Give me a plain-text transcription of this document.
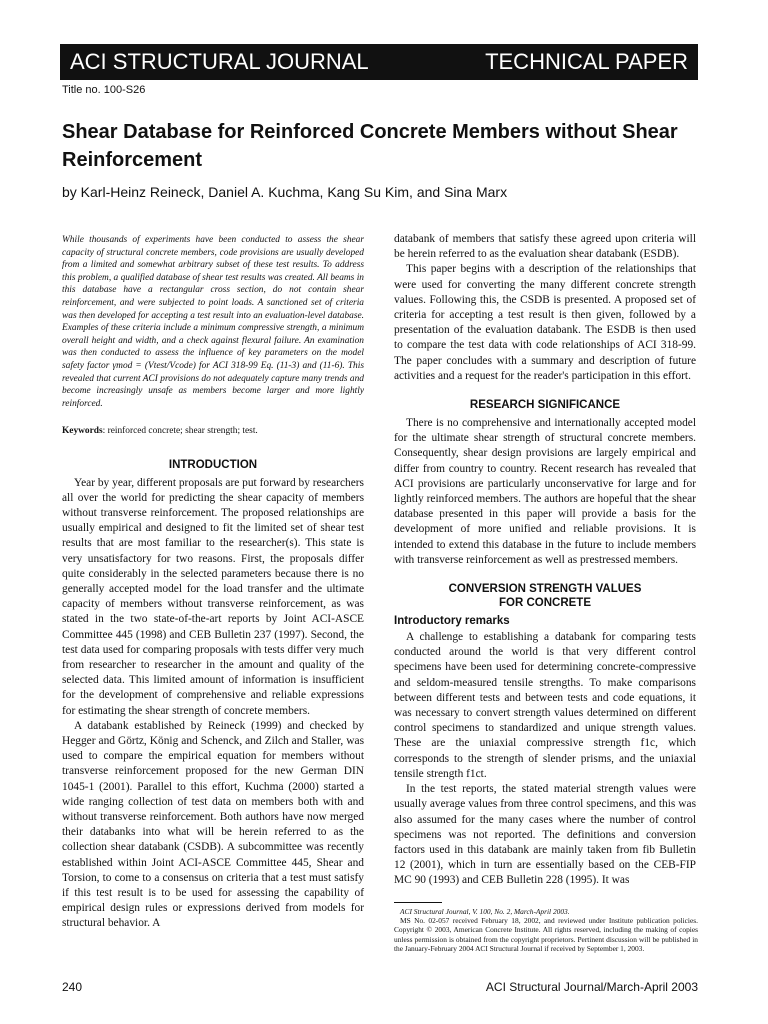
ACI STRUCTURAL JOURNAL	TECHNICAL PAPER
Title no. 100-S26
Shear Database for Reinforced Concrete Members without Shear Reinforcement
by Karl-Heinz Reineck, Daniel A. Kuchma, Kang Su Kim, and Sina Marx

While thousands of experiments have been conducted to assess the shear capacity of structural concrete members, code provisions are usually developed from a limited and somewhat arbitrary subset of these test results. To address this problem, a qualified database of shear test results was created. All beams in this database have a rectangular cross section, do not contain shear reinforcement, and were subjected to point loads. A sanctioned set of criteria was then developed for accepting a test result into an evaluation-level database. Examples of these criteria include a minimum compressive strength, a minimum overall height and width, and a check against flexural failure. An examination was then conducted to assess the influence of key parameters on the model safety factor γmod = (Vtest/Vcode) for ACI 318-99 Eq. (11-3) and (11-6). This revealed that current ACI provisions do not adequately capture many trends and become increasingly unsafe as members become larger and more lightly reinforced.

Keywords: reinforced concrete; shear strength; test.
INTRODUCTION

Year by year, different proposals are put forward by researchers all over the world for predicting the shear capacity of members without transverse reinforcement. The proposed relationships are usually empirical and designed to fit the limited set of shear test results that are most familiar to the researcher(s). This state is very unsatisfactory for two reasons. First, the proposals differ quite considerably in the selected parameters because there is no generally accepted model for the load transfer and the ultimate capacity of members without transverse reinforcement, as was stated in the two state-of-the-art reports by Joint ACI-ASCE Committee 445 (1998) and CEB Bulletin 237 (1997). Second, the test data used for comparing proposals with tests differ very much from researcher to researcher in the amount and quality of the selected data. This limited amount of information is insufficient for the development of comprehensive and reliable expressions for estimating the shear strength of concrete members.

A databank established by Reineck (1999) and checked by Hegger and Görtz, König and Schenck, and Zilch and Staller, was used to compare the empirical equation for members without transverse reinforcement proposed for the new German DIN 1045-1 (2001). Parallel to this effort, Kuchma (2000) started a wide ranging collection of test data on members both with and without transverse reinforcement. Both authors have now merged their databanks into what will be herein referred to as the collection shear databank (CSDB). A subcommittee was recently established within Joint ACI-ASCE Committee 445, Shear and Torsion, to come to a consensus on criteria that a test must satisfy if this test result is to be used for assessing the capability of empirical design rules or expressions derived from models for structural behavior. A

databank of members that satisfy these agreed upon criteria will be herein referred to as the evaluation shear databank (ESDB).

This paper begins with a description of the relationships that were used for converting the many different concrete strength values. Following this, the CSDB is presented. A proposed set of criteria for accepting a test result is then given, followed by a presentation of the evaluation databank. The ESDB is then used to compare the test data with code relationships of ACI 318-99. The paper concludes with a summary and description of future activities and a request for the reader's participation in this effort.

RESEARCH SIGNIFICANCE

There is no comprehensive and internationally accepted model for the ultimate shear strength of structural concrete members. Consequently, shear design provisions are largely empirical and differ from country to country. Recent research has revealed that ACI provisions are particularly unconservative for large and for lightly reinforced members. The authors are hopeful that the shear database presented in this paper will provide a basis for the development of more unified and reliable provisions. It is intended to extend this database in the future to include members with transverse reinforcement as well as prestressed members.

CONVERSION STRENGTH VALUES
FOR CONCRETE
Introductory remarks

A challenge to establishing a databank for comparing tests conducted around the world is that very different control specimens have been used for determining concrete-compressive and seldom-measured tensile strengths. To make comparisons between different tests and between tests and code equations, it was necessary to convert strength values determined on different control specimens to standardized and unique strength values. These are the uniaxial compressive strength f1c, which corresponds to the strength of slender prisms, and the uniaxial tensile strength f1ct.

In the test reports, the stated material strength values were usually average values from three control specimens, and this was also assumed for the many cases where the number of control specimens was not reported. The definitions and conversion factors used in this databank are mainly taken from fib Bulletin 12 (2001), which in turn are essentially based on the CEB-FIP MC 90 (1993) and CEB Bulletin 228 (1995). It was

ACI Structural Journal, V. 100, No. 2, March-April 2003.

MS No. 02-057 received February 18, 2002, and reviewed under Institute publication policies. Copyright © 2003, American Concrete Institute. All rights reserved, including the making of copies unless permission is obtained from the copyright proprietors. Pertinent discussion will be published in the January-February 2004 ACI Structural Journal if received by September 1, 2003.

240	ACI Structural Journal/March-April 2003
